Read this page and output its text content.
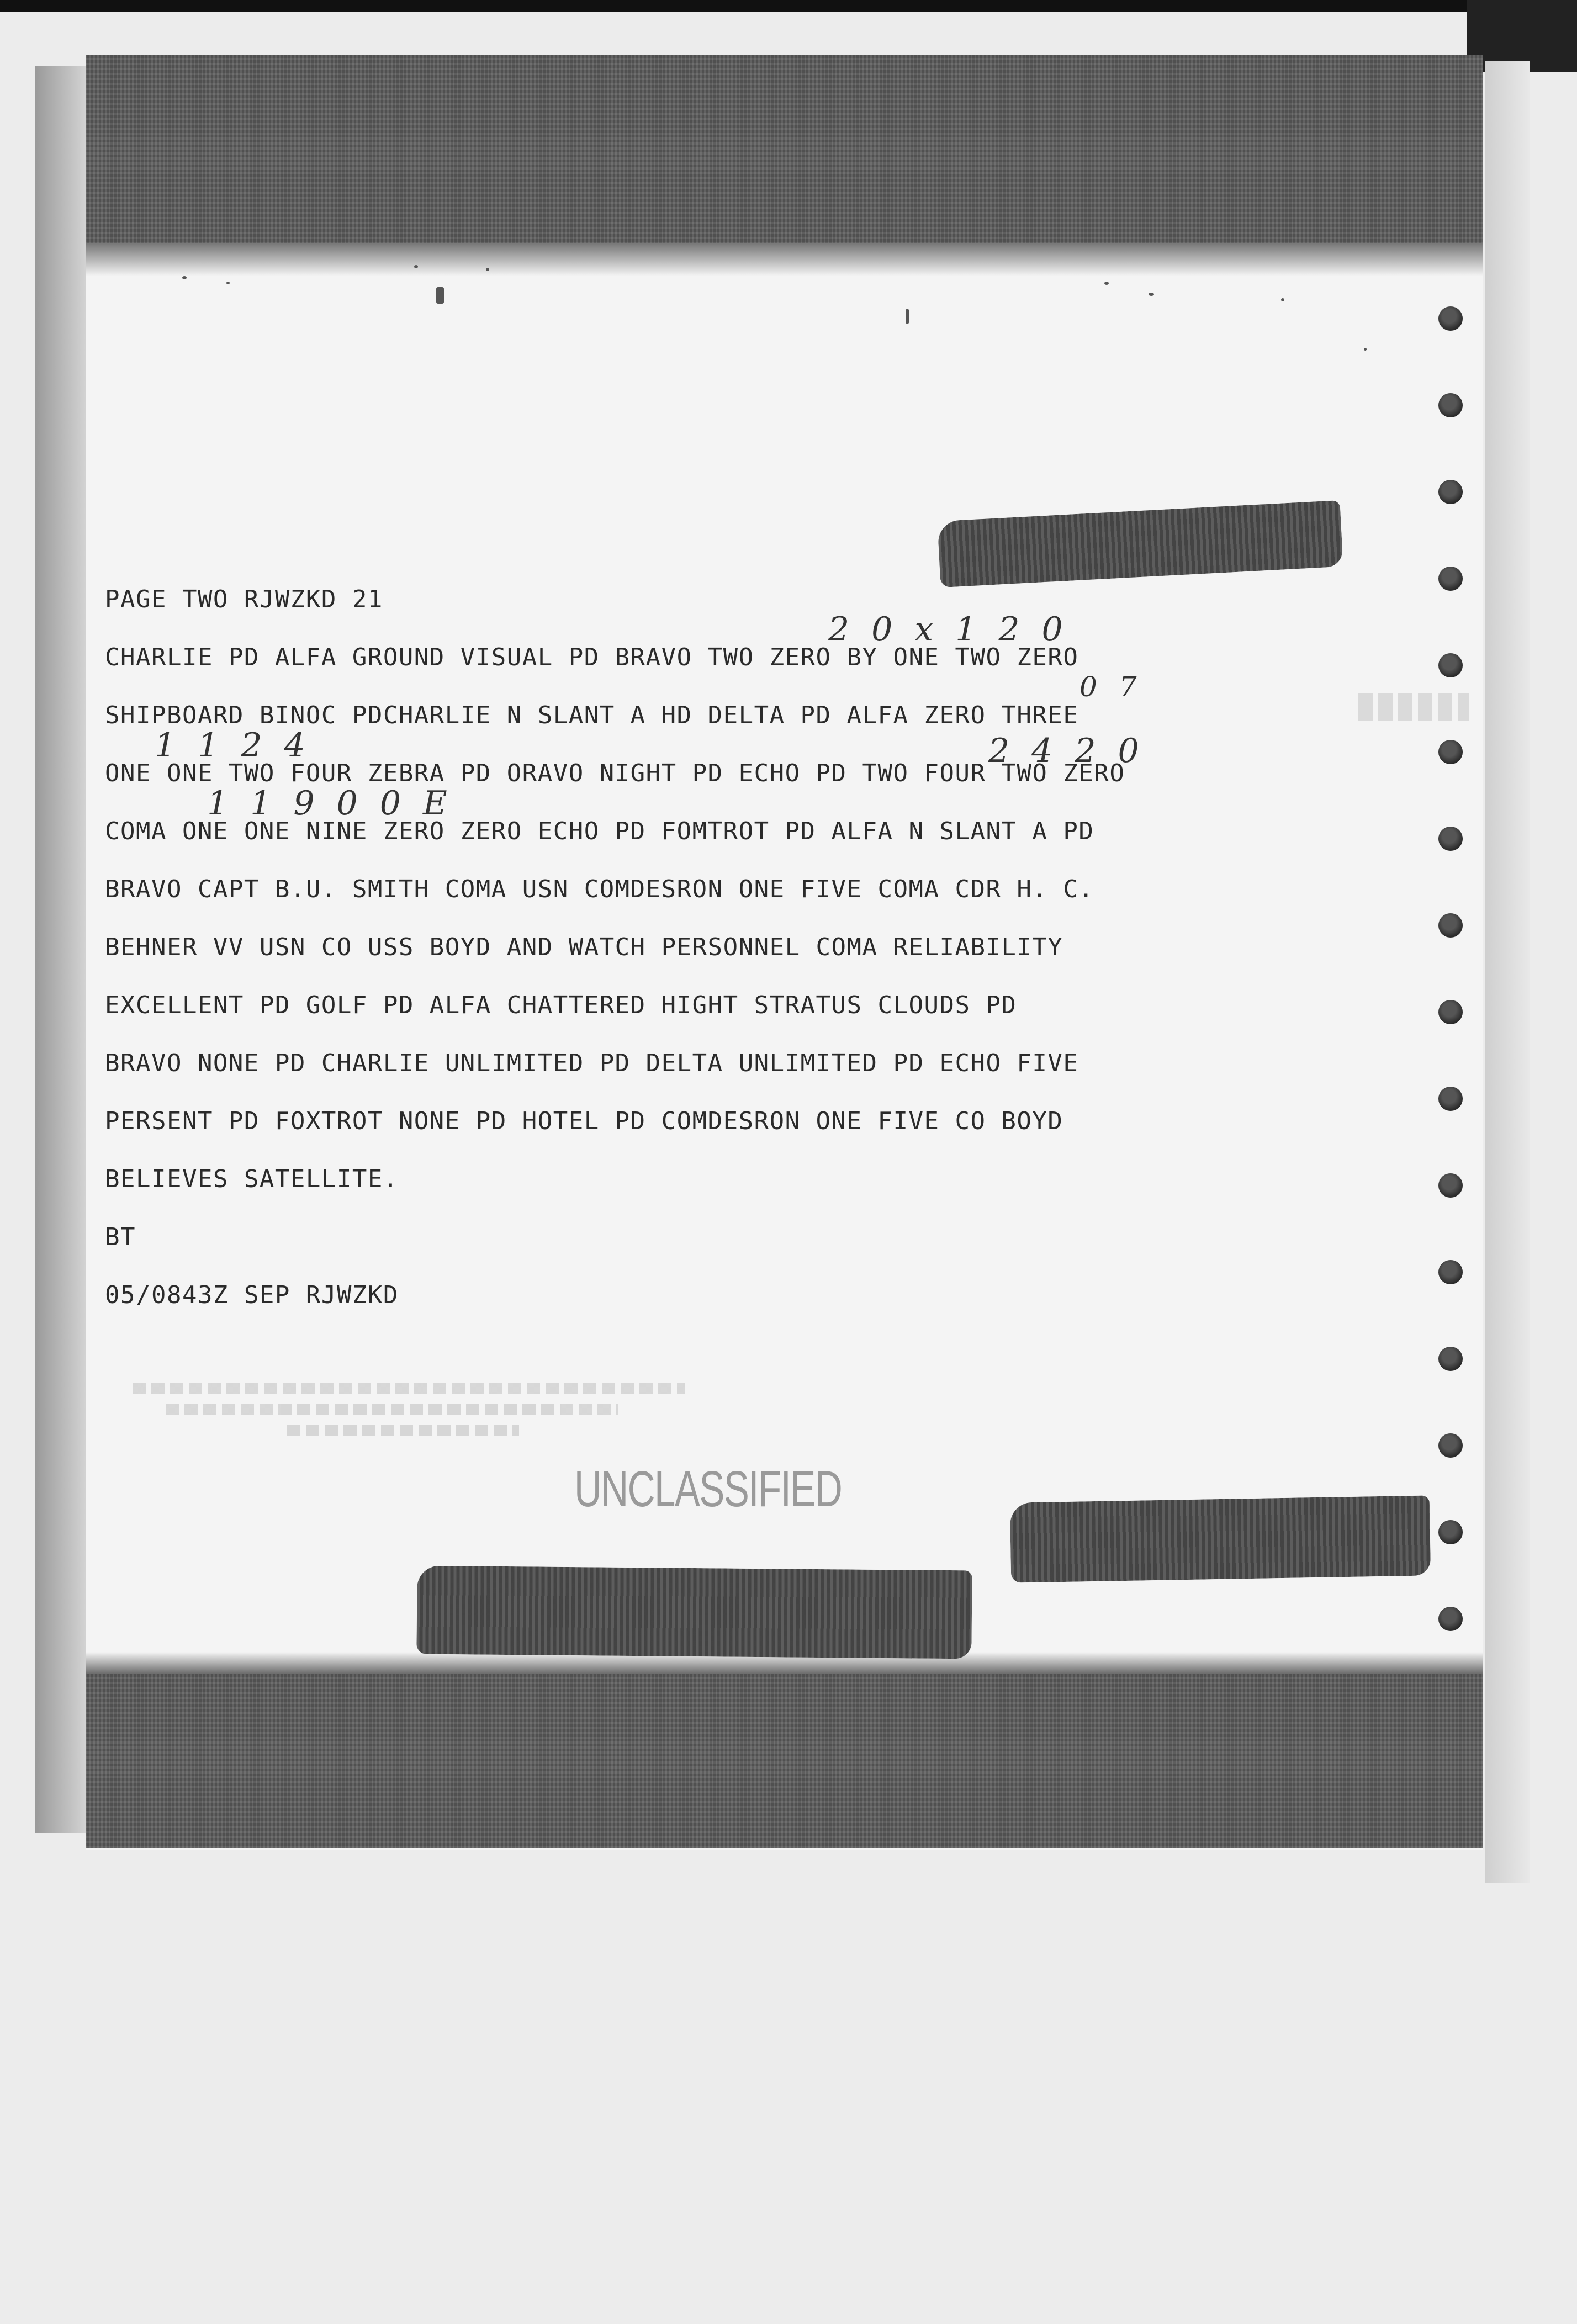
PAGE TWO RJWZKD 21
CHARLIE PD ALFA GROUND VISUAL PD BRAVO TWO ZERO BY ONE TWO ZERO
SHIPBOARD BINOC PDCHARLIE N SLANT A HD DELTA PD ALFA ZERO THREE
ONE ONE TWO FOUR ZEBRA PD ORAVO NIGHT PD ECHO PD TWO FOUR TWO ZERO
COMA ONE ONE NINE ZERO ZERO ECHO PD FOMTROT PD ALFA N SLANT A PD
BRAVO CAPT B.U. SMITH COMA USN COMDESRON ONE FIVE COMA CDR H. C.
BEHNER VV USN CO USS BOYD AND WATCH PERSONNEL COMA RELIABILITY
EXCELLENT PD GOLF PD ALFA CHATTERED HIGHT STRATUS CLOUDS PD
BRAVO NONE PD CHARLIE UNLIMITED PD DELTA UNLIMITED PD ECHO FIVE
PERSENT PD FOXTROT NONE PD HOTEL PD COMDESRON ONE FIVE CO BOYD
BELIEVES SATELLITE.
BT
05/0843Z SEP RJWZKD
20x120
07
1124	2420
11900E
UNCLASSIFIED
